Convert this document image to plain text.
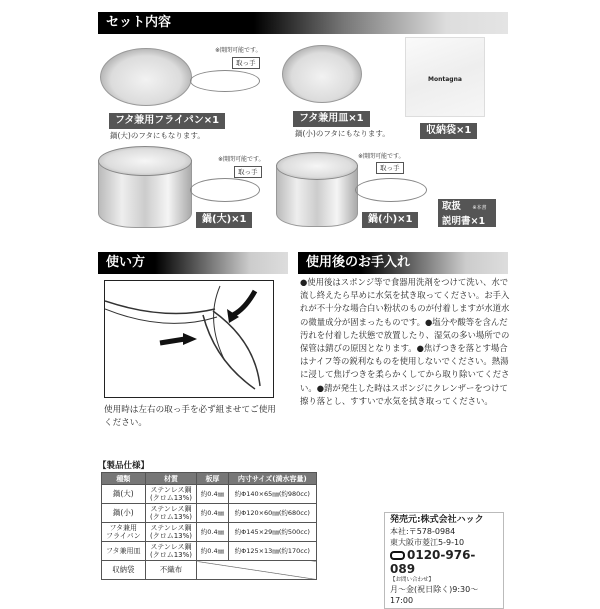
セット内容
※開閉可能です。
取っ手
フタ兼用フライパン×1
鍋(大)のフタにもなります。
フタ兼用皿×1
鍋(小)のフタにもなります。
Montagna
収納袋×1
※開閉可能です。
取っ手
鍋(大)×1
※開閉可能です。
取っ手
鍋(小)×1
取扱 ※本書
説明書×1
使い方
使用時は左右の取っ手を必ず組ませてご使用ください。
使用後のお手入れ
●使用後はスポンジ等で食器用洗剤をつけて洗い、水で流し終えたら早めに水気を拭き取ってください。お手入れが不十分な場合白い粉状のものが付着しますが水道水の微量成分が固まったものです。●塩分や酸等を含んだ汚れを付着した状態で放置したり、湿気の多い場所での保管は錆びの原因となります。●焦げつきを落とす場合はナイフ等の鋭利なものを使用しないでください。熱湯に浸して焦げつきを柔らかくしてから取り除いてください。●錆が発生した時はスポンジにクレンザーをつけて擦り落とし、すすいで水気を拭き取ってください。
【製品仕様】
種類	材質	板厚	内寸サイズ(満水容量)
鍋(大)	ステンレス鋼
(クロム13%)	約0.4㎜	約Φ140×65㎜(約980cc)
鍋(小)	ステンレス鋼
(クロム13%)	約0.4㎜	約Φ120×60㎜(約680cc)
フタ兼用
フライパン	ステンレス鋼
(クロム13%)	約0.4㎜	約Φ145×29㎜(約500cc)
フタ兼用皿	ステンレス鋼
(クロム13%)	約0.4㎜	約Φ125×13㎜(約170cc)
収納袋	不織布		
発売元:株式会社ハック
本社:〒578-0984
東大阪市菱江5-9-10
0120-976-089
【お問い合わせ】
月～金(祝日除く)9:30～17:00
